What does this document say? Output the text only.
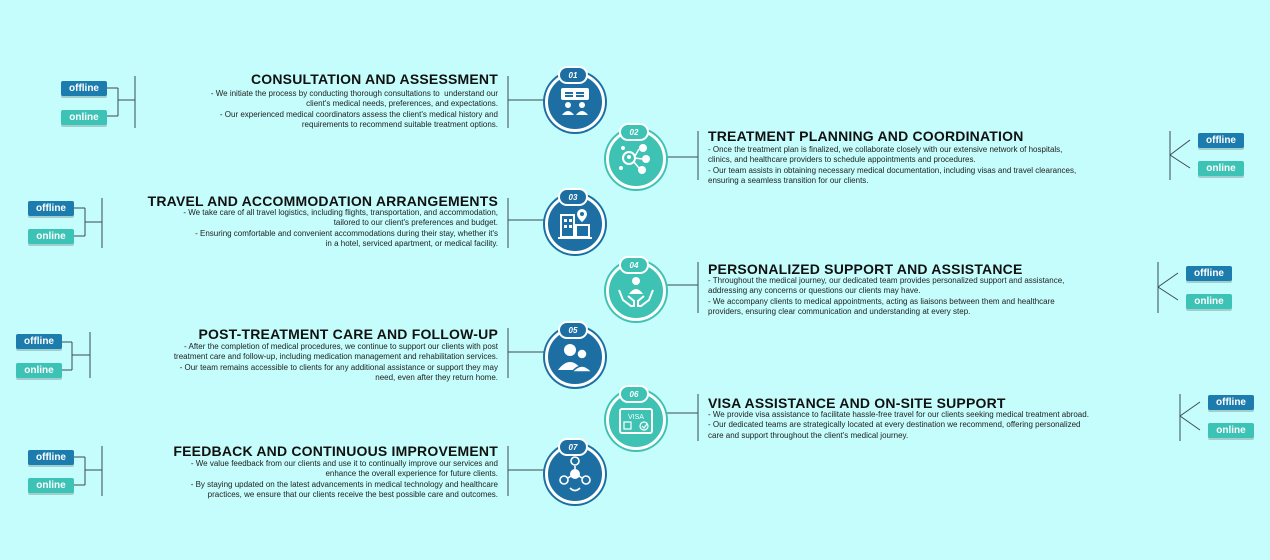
CONSULTATION AND ASSESSMENT
- We initiate the process by conducting thorough consultations to  understand our
client's medical needs, preferences, and expectations.
- Our experienced medical coordinators assess the client's medical history and
requirements to recommend suitable treatment options.
offline
online
01
TREATMENT PLANNING AND COORDINATION
- Once the treatment plan is finalized, we collaborate closely with our extensive network of hospitals,
clinics, and healthcare providers to schedule appointments and procedures.
- Our team assists in obtaining necessary medical documentation, including visas and travel clearances,
ensuring a seamless transition for our clients.
offline
online
02
TRAVEL AND ACCOMMODATION ARRANGEMENTS
- We take care of all travel logistics, including flights, transportation, and accommodation,
tailored to our client's preferences and budget.
- Ensuring comfortable and convenient accommodations during their stay, whether it's
in a hotel, serviced apartment, or medical facility.
offline
online
03
PERSONALIZED SUPPORT AND ASSISTANCE
- Throughout the medical journey, our dedicated team provides personalized support and assistance,
addressing any concerns or questions our clients may have.
- We accompany clients to medical appointments, acting as liaisons between them and healthcare
providers, ensuring clear communication and understanding at every step.
offline
online
04
POST-TREATMENT CARE AND FOLLOW-UP
- After the completion of medical procedures, we continue to support our clients with post
treatment care and follow-up, including medication management and rehabilitation services.
- Our team remains accessible to clients for any additional assistance or support they may
need, even after they return home.
offline
online
05
VISA ASSISTANCE AND ON-SITE SUPPORT
- We provide visa assistance to facilitate hassle-free travel for our clients seeking medical treatment abroad.
- Our dedicated teams are strategically located at every destination we recommend, offering personalized
care and support throughout the client's medical journey.
offline
online
VISA
06
FEEDBACK AND CONTINUOUS IMPROVEMENT
- We value feedback from our clients and use it to continually improve our services and
enhance the overall experience for future clients.
- By staying updated on the latest advancements in medical technology and healthcare
practices, we ensure that our clients receive the best possible care and outcomes.
offline
online
07
